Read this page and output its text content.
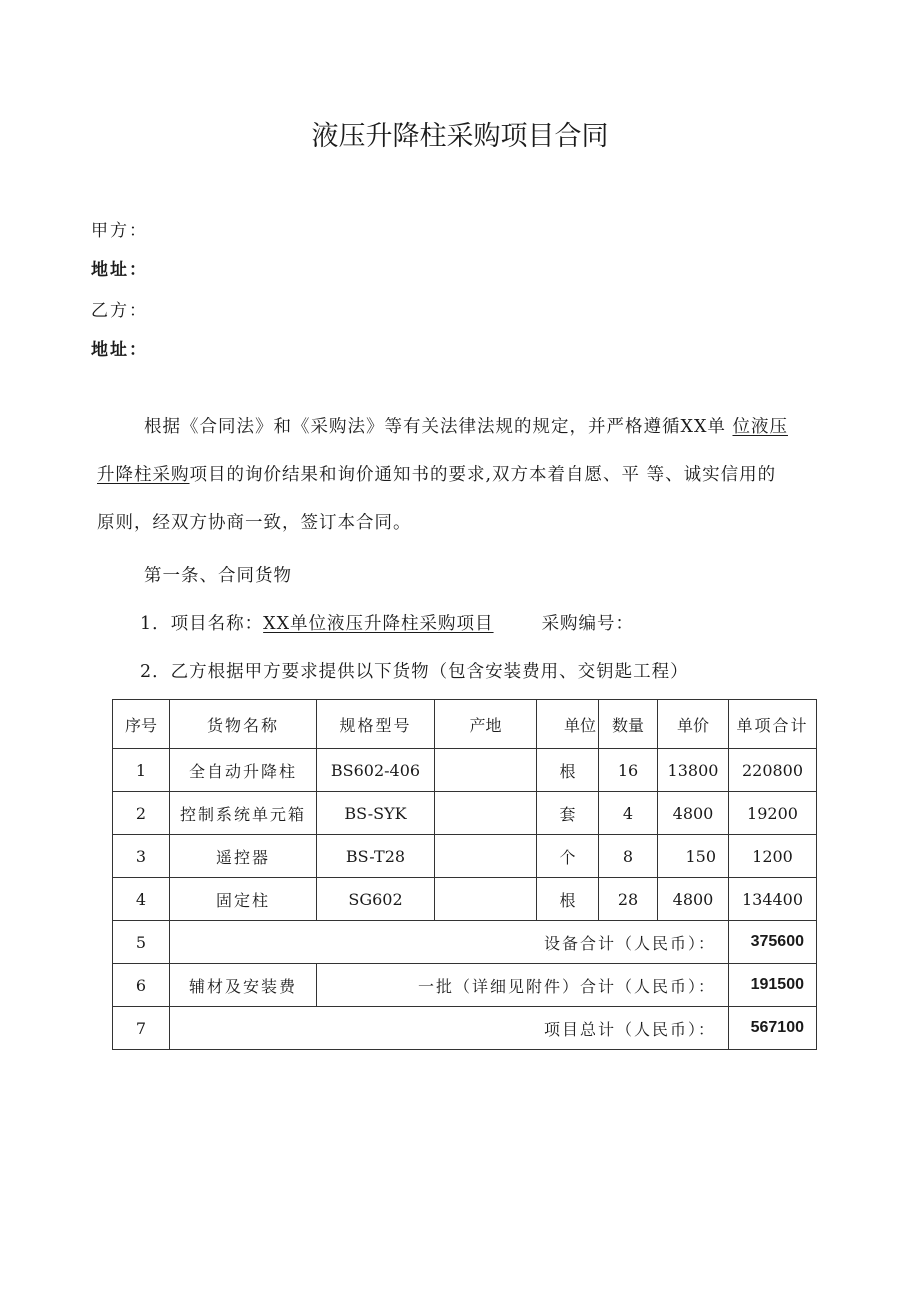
液压升降柱采购项目合同
甲方：
地址：
乙方：
地址：
根据《合同法》和《采购法》等有关法律法规的规定，并严格遵循XX单 位液压
升降柱采购项目的询价结果和询价通知书的要求,双方本着自愿、平 等、诚实信用的
原则，经双方协商一致，签订本合同。
第一条、合同货物
1．项目名称：XX单位液压升降柱采购项目	采购编号：
2．乙方根据甲方要求提供以下货物（包含安装费用、交钥匙工程）
序号	货物名称	规格型号	产地	单位	数量	单价	单项合计
1	全自动升降柱	BS602-406		根	16	13800	220800
2	控制系统单元箱	BS-SYK		套	4	4800	19200
3	遥控器	BS-T28		个	8	150	1200
4	固定柱	SG602		根	28	4800	134400
5	设备合计（人民币）：						375600
6	辅材及安装费	一批（详细见附件）合计（人民币）：					191500
7	项目总计（人民币）：						567100
